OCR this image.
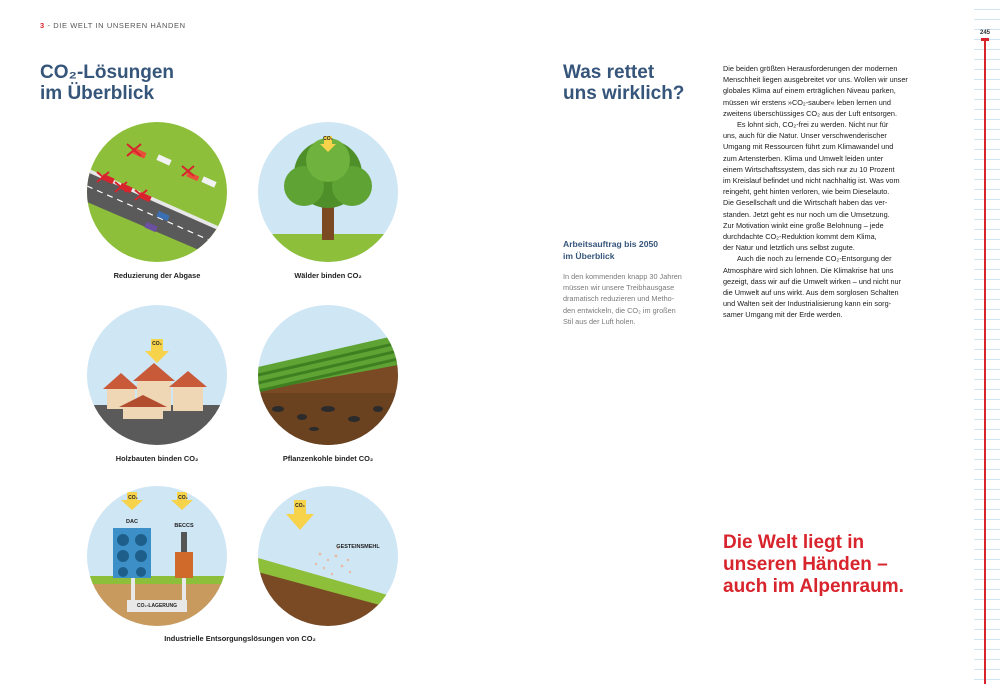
3 - DIE WELT IN UNSEREN HÄNDEN
CO₂-Lösungen
im Überblick
Reduzierung der Abgase
CO₂
Wälder binden CO₂
CO₂
Holzbauten binden CO₂	Pflanzenkohle bindet CO₂
CO₂	CO₂
DAC
BECCS
CO₂-LAGERUNG
CO₂
GESTEINSMEHL
Industrielle Entsorgungslösungen von CO₂
Was rettet
uns wirklich?
Arbeitsauftrag bis 2050
im Überblick
In den kommenden knapp 30 Jahren
müssen wir unsere Treibhausgase
dramatisch reduzieren und Metho-
den entwickeln, die CO₂ im großen
Stil aus der Luft holen.
Die beiden größten Herausforderungen der modernen
Menschheit liegen ausgebreitet vor uns. Wollen wir unser
globales Klima auf einem erträglichen Niveau parken,
müssen wir erstens »CO₂-sauber« leben lernen und
zweitens überschüssiges CO₂ aus der Luft entsorgen.
Es lohnt sich, CO₂-frei zu werden. Nicht nur für
uns, auch für die Natur. Unser verschwenderischer
Umgang mit Ressourcen führt zum Klimawandel und
zum Artensterben. Klima und Umwelt leiden unter
einem Wirtschaftssystem, das sich nur zu 10 Prozent
im Kreislauf befindet und nicht nachhaltig ist. Was vom
reingeht, geht hinten verloren, wie beim Dieselauto.
Die Gesellschaft und die Wirtschaft haben das ver-
standen. Jetzt geht es nur noch um die Umsetzung.
Zur Motivation winkt eine große Belohnung – jede
durchdachte CO₂-Reduktion kommt dem Klima,
der Natur und letztlich uns selbst zugute.
Auch die noch zu lernende CO₂-Entsorgung der
Atmosphäre wird sich lohnen. Die Klimakrise hat uns
gezeigt, dass wir auf die Umwelt wirken – und nicht nur
die Umwelt auf uns wirkt. Aus dem sorglosen Schalten
und Walten seit der Industrialisierung kann ein sorg-
samer Umgang mit der Erde werden.
Die Welt liegt in
unseren Händen –
auch im Alpenraum.
245
